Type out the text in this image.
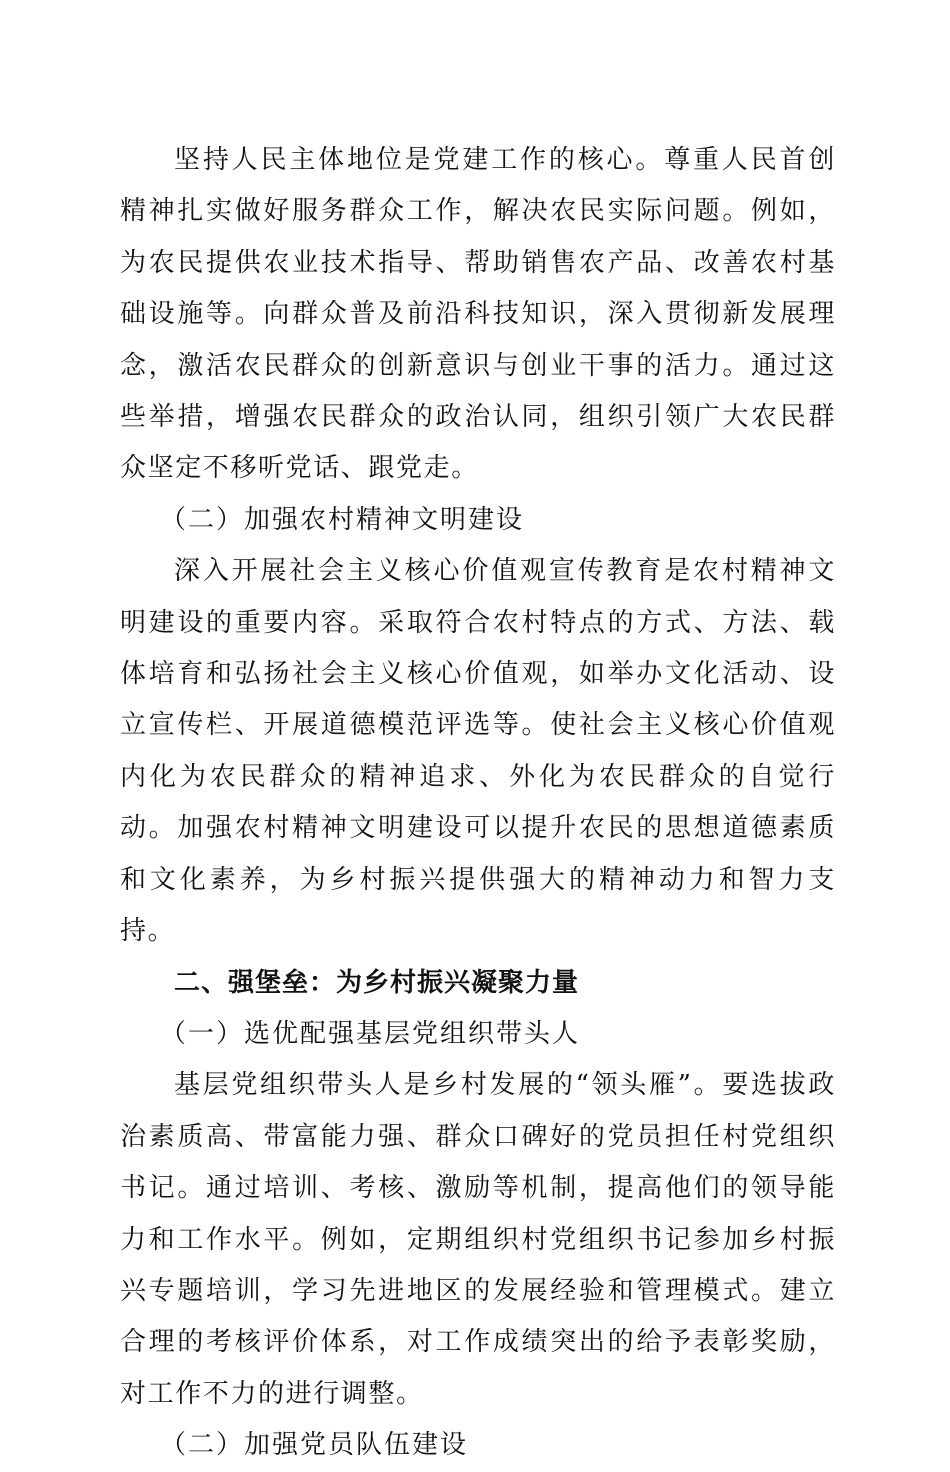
坚持人民主体地位是党建工作的核心。尊重人民首创精神扎实做好服务群众工作，解决农民实际问题。例如，为农民提供农业技术指导、帮助销售农产品、改善农村基础设施等。向群众普及前沿科技知识，深入贯彻新发展理念，激活农民群众的创新意识与创业干事的活力。通过这些举措，增强农民群众的政治认同，组织引领广大农民群众坚定不移听党话、跟党走。

（二）加强农村精神文明建设

深入开展社会主义核心价值观宣传教育是农村精神文明建设的重要内容。采取符合农村特点的方式、方法、载体培育和弘扬社会主义核心价值观，如举办文化活动、设立宣传栏、开展道德模范评选等。使社会主义核心价值观内化为农民群众的精神追求、外化为农民群众的自觉行动。加强农村精神文明建设可以提升农民的思想道德素质和文化素养，为乡村振兴提供强大的精神动力和智力支持。

二、强堡垒：为乡村振兴凝聚力量

（一）选优配强基层党组织带头人

基层党组织带头人是乡村发展的“领头雁”。要选拔政治素质高、带富能力强、群众口碑好的党员担任村党组织书记。通过培训、考核、激励等机制，提高他们的领导能力和工作水平。例如，定期组织村党组织书记参加乡村振兴专题培训，学习先进地区的发展经验和管理模式。建立合理的考核评价体系，对工作成绩突出的给予表彰奖励，对工作不力的进行调整。

（二）加强党员队伍建设
